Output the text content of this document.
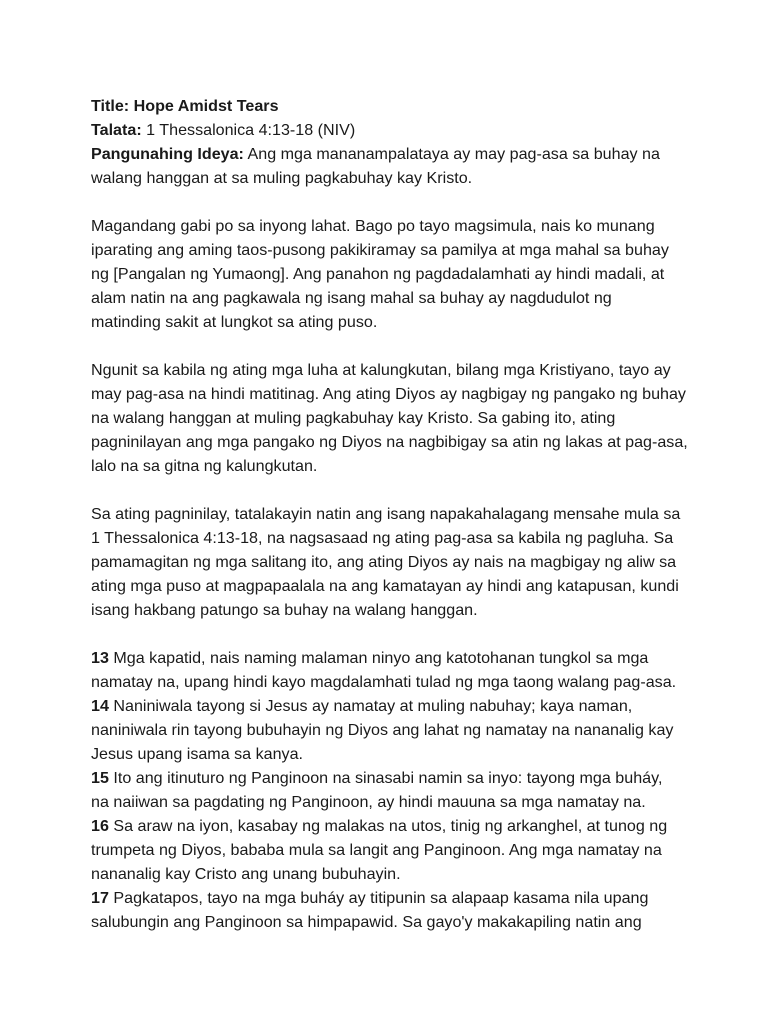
Title: Hope Amidst Tears
Talata: 1 Thessalonica 4:13-18 (NIV)
Pangunahing Ideya: Ang mga mananampalataya ay may pag-asa sa buhay na
walang hanggan at sa muling pagkabuhay kay Kristo.
Magandang gabi po sa inyong lahat. Bago po tayo magsimula, nais ko munang
iparating ang aming taos-pusong pakikiramay sa pamilya at mga mahal sa buhay
ng [Pangalan ng Yumaong]. Ang panahon ng pagdadalamhati ay hindi madali, at
alam natin na ang pagkawala ng isang mahal sa buhay ay nagdudulot ng
matinding sakit at lungkot sa ating puso.
Ngunit sa kabila ng ating mga luha at kalungkutan, bilang mga Kristiyano, tayo ay
may pag-asa na hindi matitinag. Ang ating Diyos ay nagbigay ng pangako ng buhay
na walang hanggan at muling pagkabuhay kay Kristo. Sa gabing ito, ating
pagninilayan ang mga pangako ng Diyos na nagbibigay sa atin ng lakas at pag-asa,
lalo na sa gitna ng kalungkutan.
Sa ating pagninilay, tatalakayin natin ang isang napakahalagang mensahe mula sa
1 Thessalonica 4:13-18, na nagsasaad ng ating pag-asa sa kabila ng pagluha. Sa
pamamagitan ng mga salitang ito, ang ating Diyos ay nais na magbigay ng aliw sa
ating mga puso at magpapaalala na ang kamatayan ay hindi ang katapusan, kundi
isang hakbang patungo sa buhay na walang hanggan.
13 Mga kapatid, nais naming malaman ninyo ang katotohanan tungkol sa mga
namatay na, upang hindi kayo magdalamhati tulad ng mga taong walang pag-asa.
14 Naniniwala tayong si Jesus ay namatay at muling nabuhay; kaya naman,
naniniwala rin tayong bubuhayin ng Diyos ang lahat ng namatay na nananalig kay
Jesus upang isama sa kanya.
15 Ito ang itinuturo ng Panginoon na sinasabi namin sa inyo: tayong mga buháy,
na naiiwan sa pagdating ng Panginoon, ay hindi mauuna sa mga namatay na.
16 Sa araw na iyon, kasabay ng malakas na utos, tinig ng arkanghel, at tunog ng
trumpeta ng Diyos, bababa mula sa langit ang Panginoon. Ang mga namatay na
nananalig kay Cristo ang unang bubuhayin.
17 Pagkatapos, tayo na mga buháy ay titipunin sa alapaap kasama nila upang
salubungin ang Panginoon sa himpapawid. Sa gayo'y makakapiling natin ang
